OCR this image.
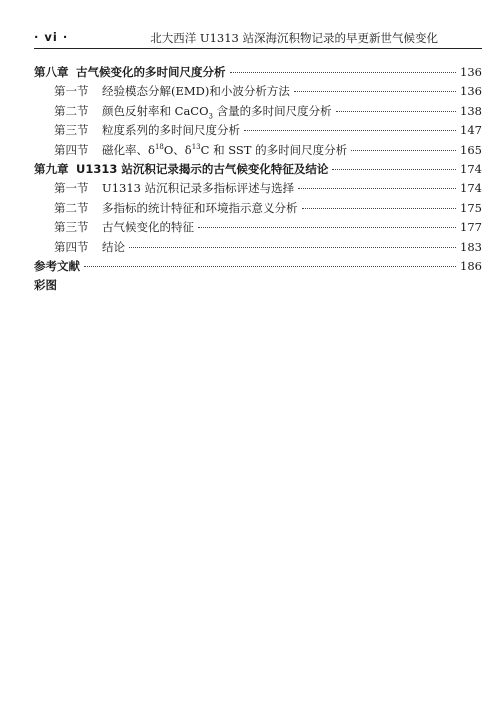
· vi ·	北大西洋 U1313 站深海沉积物记录的早更新世气候变化
第八章 古气候变化的多时间尺度分析	136
第一节 经验模态分解(EMD)和小波分析方法	136
第二节 颜色反射率和 CaCO$_3$ 含量的多时间尺度分析	138
第三节 粒度系列的多时间尺度分析	147
第四节 磁化率、$\delta^{18}O$、$\delta^{13}C$ 和 SST 的多时间尺度分析	165
第九章 U1313 站沉积记录揭示的古气候变化特征及结论	174
第一节 U1313 站沉积记录多指标评述与选择	174
第二节 多指标的统计特征和环境指示意义分析	175
第三节 古气候变化的特征	177
第四节 结论	183
参考文献	186
彩图
